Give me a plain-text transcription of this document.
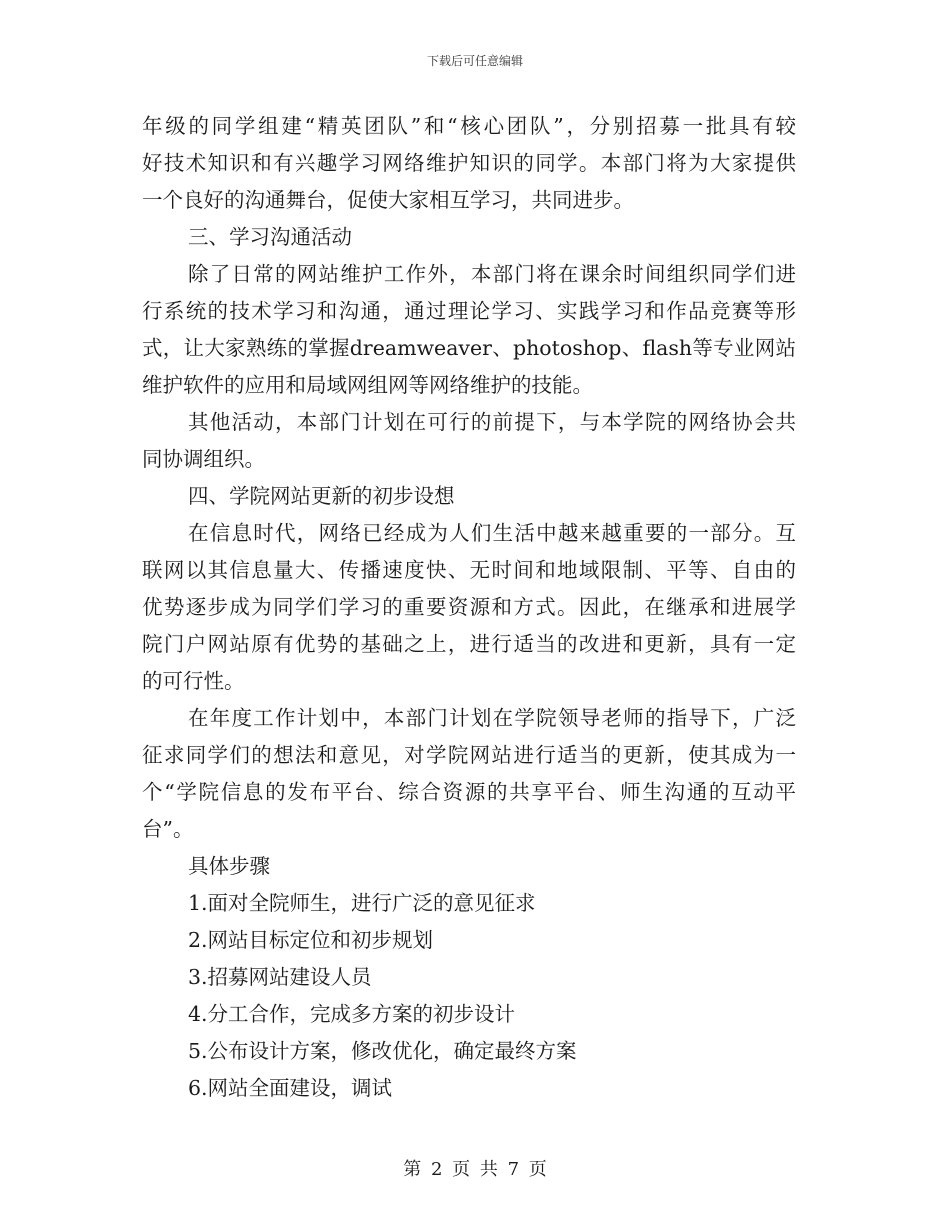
下载后可任意编辑
年级的同学组建“精英团队”和“核心团队”，分别招募一批具有较
好技术知识和有兴趣学习网络维护知识的同学。本部门将为大家提供
一个良好的沟通舞台，促使大家相互学习，共同进步。
三、学习沟通活动
除了日常的网站维护工作外，本部门将在课余时间组织同学们进
行系统的技术学习和沟通，通过理论学习、实践学习和作品竞赛等形
式，让大家熟练的掌握dreamweaver、photoshop、flash等专业网站
维护软件的应用和局域网组网等网络维护的技能。
其他活动，本部门计划在可行的前提下，与本学院的网络协会共
同协调组织。
四、学院网站更新的初步设想
在信息时代，网络已经成为人们生活中越来越重要的一部分。互
联网以其信息量大、传播速度快、无时间和地域限制、平等、自由的
优势逐步成为同学们学习的重要资源和方式。因此，在继承和进展学
院门户网站原有优势的基础之上，进行适当的改进和更新，具有一定
的可行性。
在年度工作计划中，本部门计划在学院领导老师的指导下，广泛
征求同学们的想法和意见，对学院网站进行适当的更新，使其成为一
个“学院信息的发布平台、综合资源的共享平台、师生沟通的互动平
台”。
具体步骤
1.面对全院师生，进行广泛的意见征求
2.网站目标定位和初步规划
3.招募网站建设人员
4.分工合作，完成多方案的初步设计
5.公布设计方案，修改优化，确定最终方案
6.网站全面建设，调试
第 2 页 共 7 页
